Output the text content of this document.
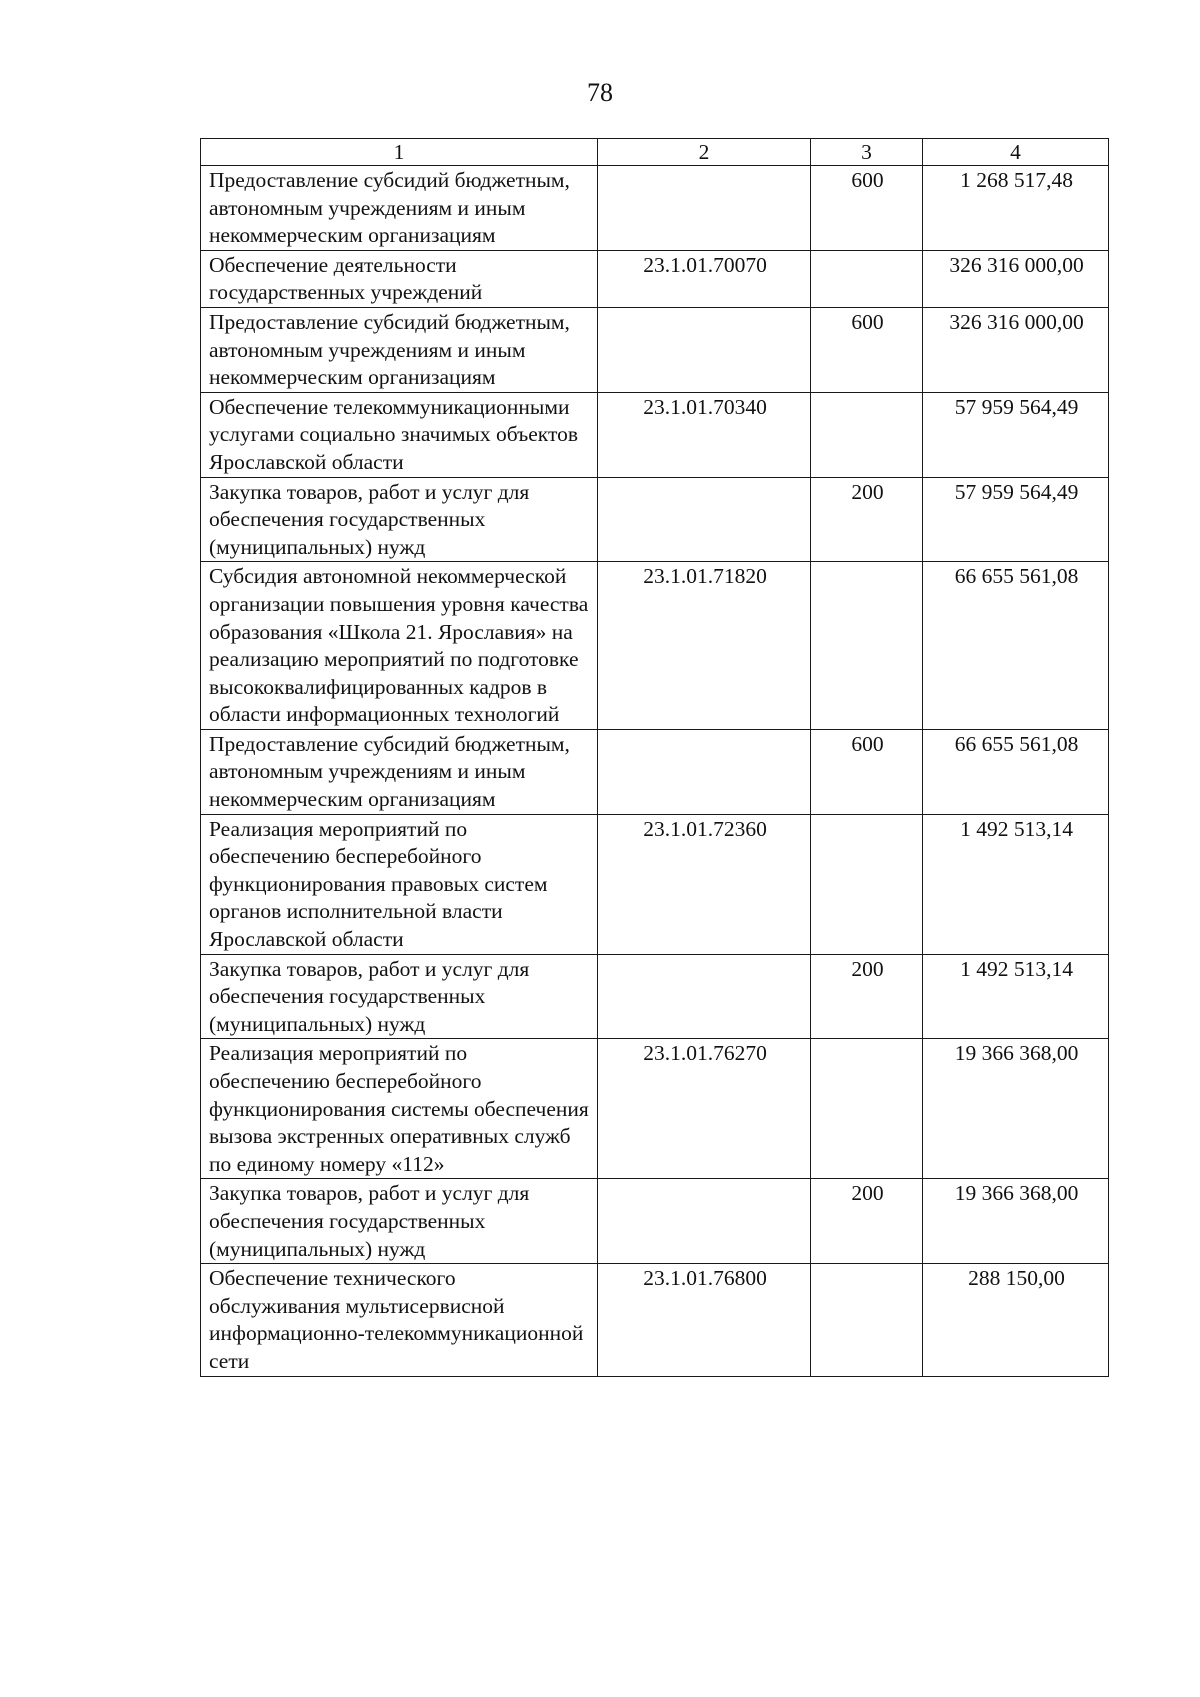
78
1	2	3	4
Предоставление субсидий бюджетным, автономным учреждениям и иным некоммерческим организациям		600	1 268 517,48
Обеспечение деятельности государственных учреждений	23.1.01.70070		326 316 000,00
Предоставление субсидий бюджетным, автономным учреждениям и иным некоммерческим организациям		600	326 316 000,00
Обеспечение телекоммуникационными услугами социально значимых объектов Ярославской области	23.1.01.70340		57 959 564,49
Закупка товаров, работ и услуг для обеспечения государственных (муниципальных) нужд		200	57 959 564,49
Субсидия автономной некоммерческой организации повышения уровня качества образования «Школа 21. Ярославия» на реализацию мероприятий по подготовке высококвалифицированных кадров в области информационных технологий	23.1.01.71820		66 655 561,08
Предоставление субсидий бюджетным, автономным учреждениям и иным некоммерческим организациям		600	66 655 561,08
Реализация мероприятий по обеспечению бесперебойного функционирования правовых систем органов исполнительной власти Ярославской области	23.1.01.72360		1 492 513,14
Закупка товаров, работ и услуг для обеспечения государственных (муниципальных) нужд		200	1 492 513,14
Реализация мероприятий по обеспечению бесперебойного функционирования системы обеспечения вызова экстренных оперативных служб по единому номеру «112»	23.1.01.76270		19 366 368,00
Закупка товаров, работ и услуг для обеспечения государственных (муниципальных) нужд		200	19 366 368,00
Обеспечение технического обслуживания мультисервисной информационно-телекоммуникационной сети	23.1.01.76800		288 150,00
